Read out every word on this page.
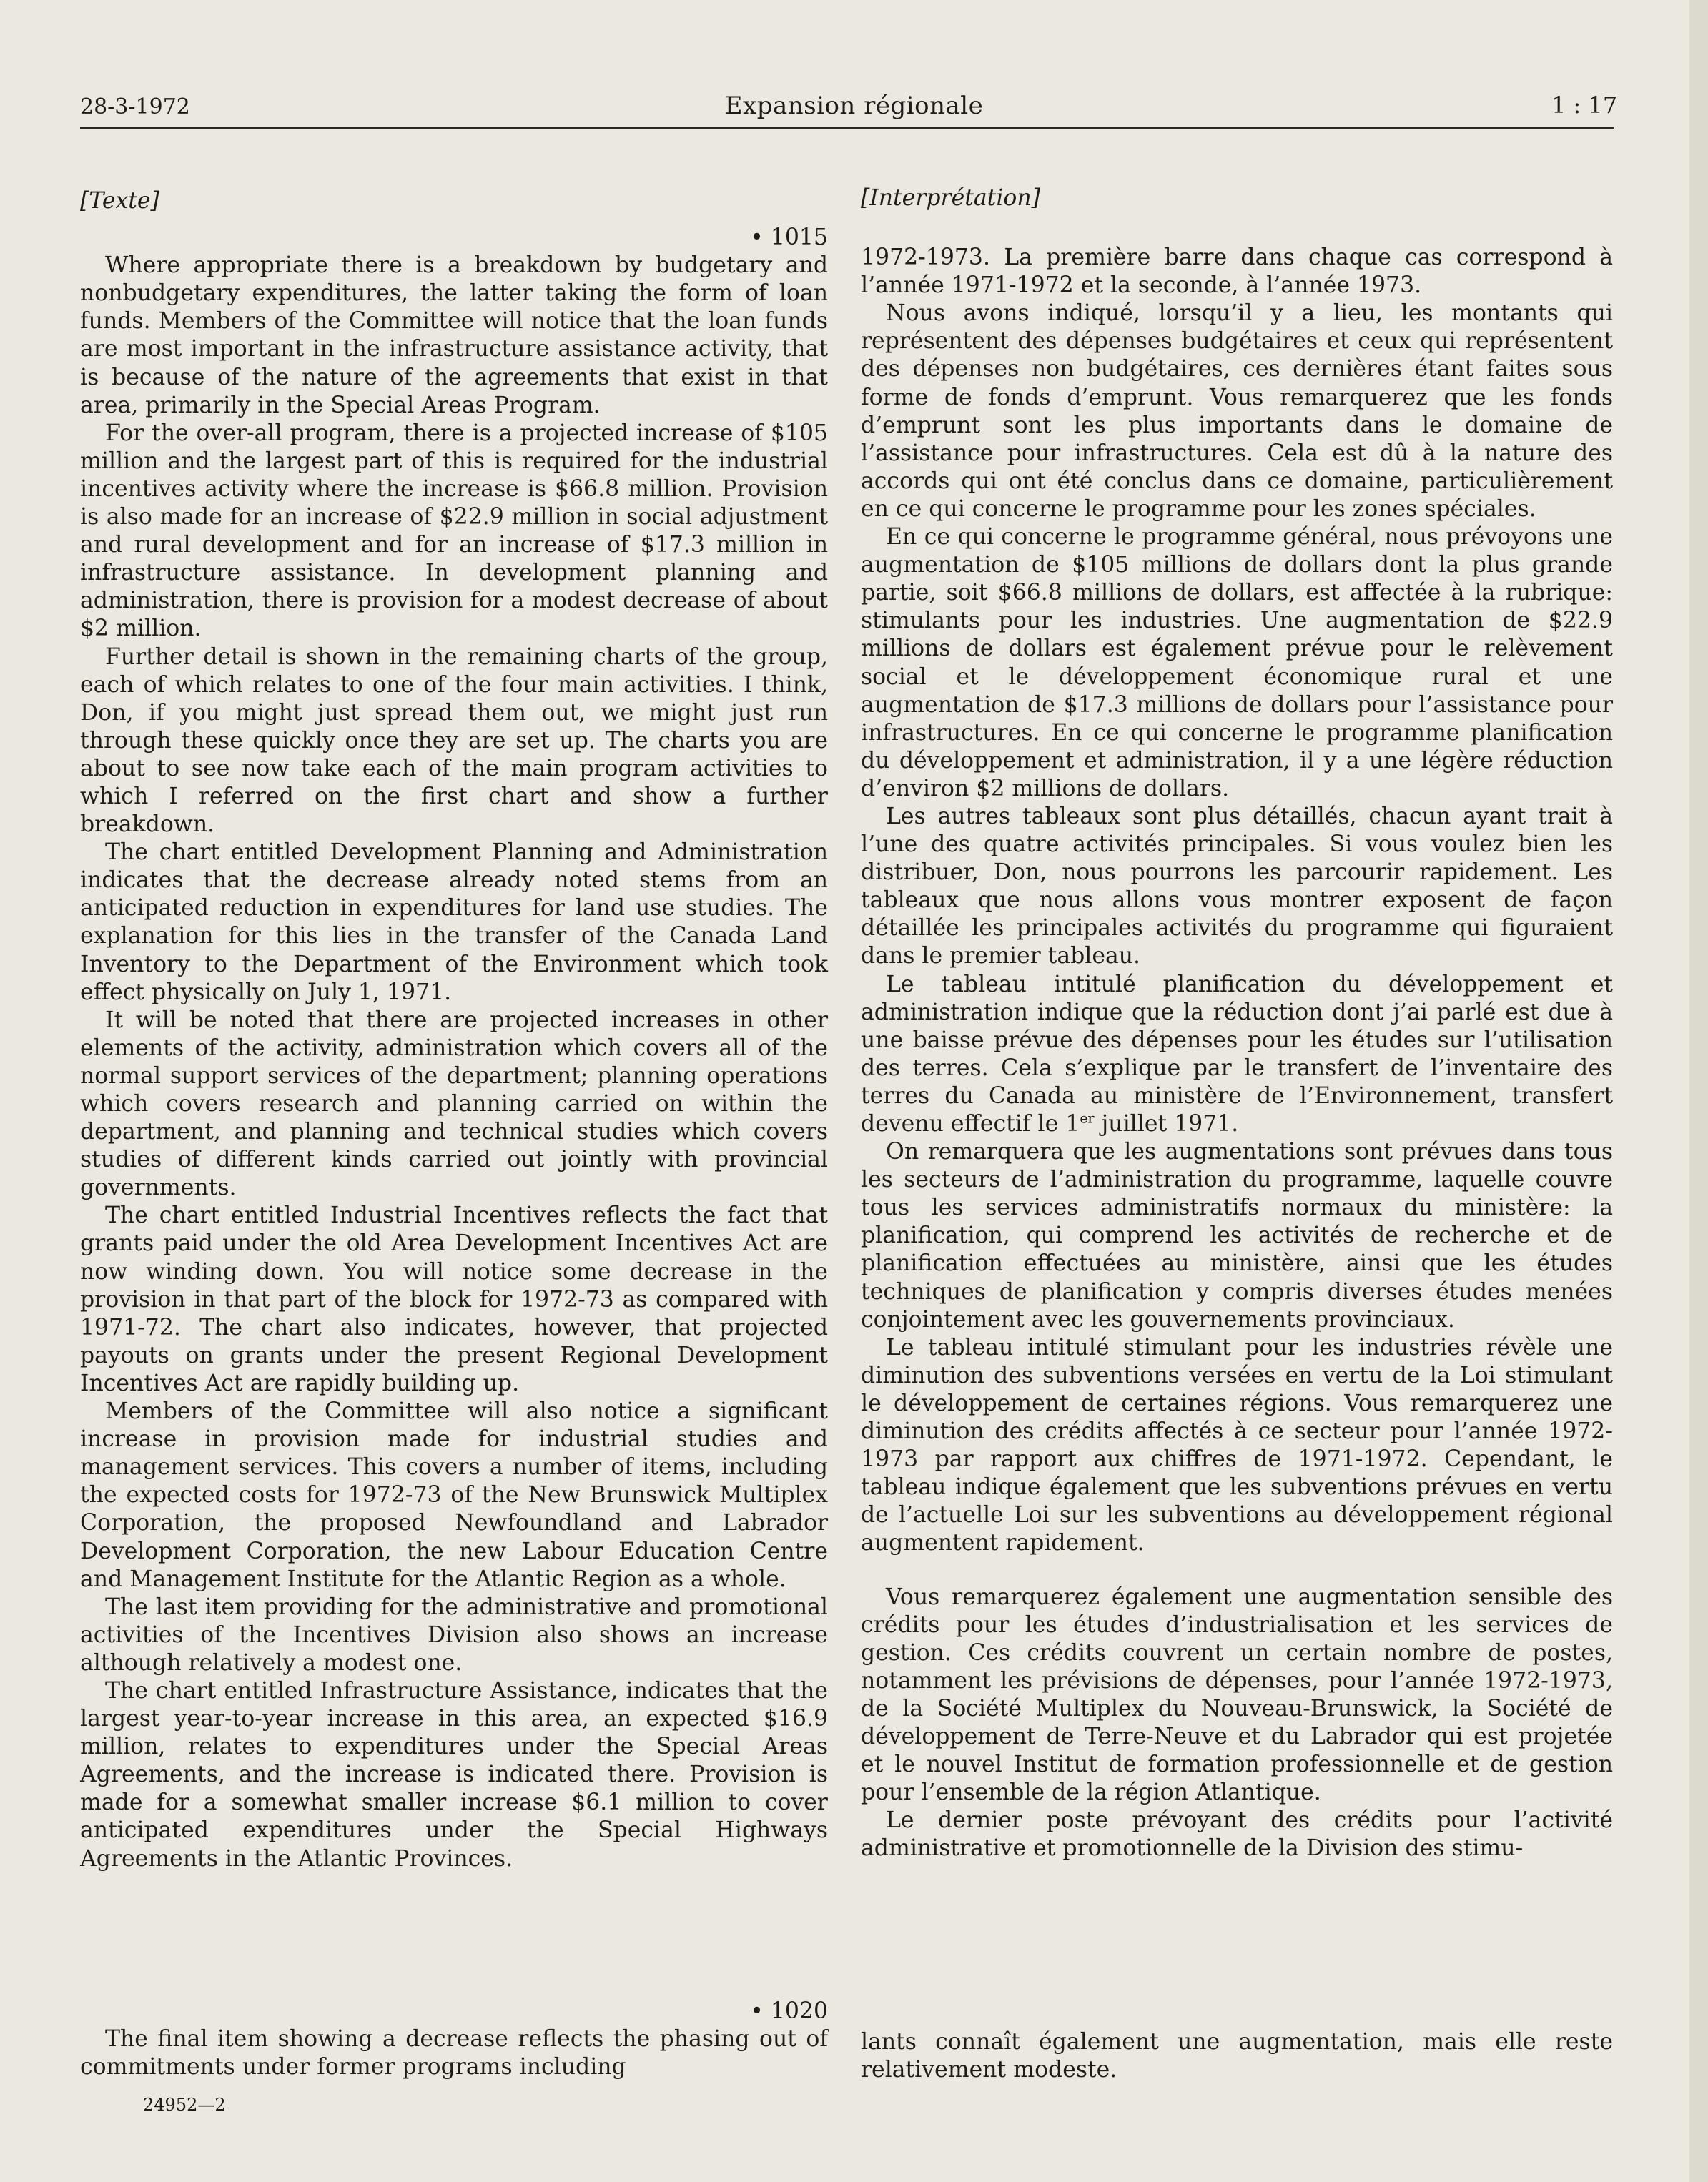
28-3-1972	Expansion régionale	1 : 17

[Texte]

• 1015

Where appropriate there is a breakdown by budgetary and nonbudgetary expenditures, the latter taking the form of loan funds. Members of the Committee will notice that the loan funds are most important in the infrastructure assistance activity, that is because of the nature of the agreements that exist in that area, primarily in the Special Areas Program.

For the over-all program, there is a projected increase of $105 million and the largest part of this is required for the industrial incentives activity where the increase is $66.8 million. Provision is also made for an increase of $22.9 million in social adjustment and rural development and for an increase of $17.3 million in infrastructure assistance. In development planning and administration, there is provision for a modest decrease of about $2 million.

Further detail is shown in the remaining charts of the group, each of which relates to one of the four main activities. I think, Don, if you might just spread them out, we might just run through these quickly once they are set up. The charts you are about to see now take each of the main program activities to which I referred on the first chart and show a further breakdown.

The chart entitled Development Planning and Administration indicates that the decrease already noted stems from an anticipated reduction in expenditures for land use studies. The explanation for this lies in the transfer of the Canada Land Inventory to the Department of the Environment which took effect physically on July 1, 1971.

It will be noted that there are projected increases in other elements of the activity, administration which covers all of the normal support services of the department; planning operations which covers research and planning carried on within the department, and planning and technical studies which covers studies of different kinds carried out jointly with provincial governments.

The chart entitled Industrial Incentives reflects the fact that grants paid under the old Area Development Incentives Act are now winding down. You will notice some decrease in the provision in that part of the block for 1972-73 as compared with 1971-72. The chart also indicates, however, that projected payouts on grants under the present Regional Development Incentives Act are rapidly building up.

Members of the Committee will also notice a significant increase in provision made for industrial studies and management services. This covers a number of items, including the expected costs for 1972-73 of the New Brunswick Multiplex Corporation, the proposed Newfoundland and Labrador Development Corporation, the new Labour Education Centre and Management Institute for the Atlantic Region as a whole.

The last item providing for the administrative and promotional activities of the Incentives Division also shows an increase although relatively a modest one.

The chart entitled Infrastructure Assistance, indicates that the largest year-to-year increase in this area, an expected $16.9 million, relates to expenditures under the Special Areas Agreements, and the increase is indicated there. Provision is made for a somewhat smaller increase $6.1 million to cover anticipated expenditures under the Special Highways Agreements in the Atlantic Provinces.

• 1020

The final item showing a decrease reflects the phasing out of commitments under former programs including

24952—2

[Interprétation]

1972-1973. La première barre dans chaque cas correspond à l’année 1971-1972 et la seconde, à l’année 1973.

Nous avons indiqué, lorsqu’il y a lieu, les montants qui représentent des dépenses budgétaires et ceux qui représentent des dépenses non budgétaires, ces dernières étant faites sous forme de fonds d’emprunt. Vous remarquerez que les fonds d’emprunt sont les plus importants dans le domaine de l’assistance pour infrastructures. Cela est dû à la nature des accords qui ont été conclus dans ce domaine, particulièrement en ce qui concerne le programme pour les zones spéciales.

En ce qui concerne le programme général, nous prévoyons une augmentation de $105 millions de dollars dont la plus grande partie, soit $66.8 millions de dollars, est affectée à la rubrique: stimulants pour les industries. Une augmentation de $22.9 millions de dollars est également prévue pour le relèvement social et le développement économique rural et une augmentation de $17.3 millions de dollars pour l’assistance pour infrastructures. En ce qui concerne le programme planification du développement et administration, il y a une légère réduction d’environ $2 millions de dollars.

Les autres tableaux sont plus détaillés, chacun ayant trait à l’une des quatre activités principales. Si vous voulez bien les distribuer, Don, nous pourrons les parcourir rapidement. Les tableaux que nous allons vous montrer exposent de façon détaillée les principales activités du programme qui figuraient dans le premier tableau.

Le tableau intitulé planification du développement et administration indique que la réduction dont j’ai parlé est due à une baisse prévue des dépenses pour les études sur l’utilisation des terres. Cela s’explique par le transfert de l’inventaire des terres du Canada au ministère de l’Environnement, transfert devenu effectif le 1er juillet 1971.

On remarquera que les augmentations sont prévues dans tous les secteurs de l’administration du programme, laquelle couvre tous les services administratifs normaux du ministère: la planification, qui comprend les activités de recherche et de planification effectuées au ministère, ainsi que les études techniques de planification y compris diverses études menées conjointement avec les gouvernements provinciaux.

Le tableau intitulé stimulant pour les industries révèle une diminution des subventions versées en vertu de la Loi stimulant le développement de certaines régions. Vous remarquerez une diminution des crédits affectés à ce secteur pour l’année 1972-1973 par rapport aux chiffres de 1971-1972. Cependant, le tableau indique également que les subventions prévues en vertu de l’actuelle Loi sur les subventions au développement régional augmentent rapidement.

Vous remarquerez également une augmentation sensible des crédits pour les études d’industrialisation et les services de gestion. Ces crédits couvrent un certain nombre de postes, notamment les prévisions de dépenses, pour l’année 1972-1973, de la Société Multiplex du Nouveau-Brunswick, la Société de développement de Terre-Neuve et du Labrador qui est projetée et le nouvel Institut de formation professionnelle et de gestion pour l’ensemble de la région Atlantique.

Le dernier poste prévoyant des crédits pour l’activité administrative et promotionnelle de la Division des stimu-

lants connaît également une augmentation, mais elle reste relativement modeste.
